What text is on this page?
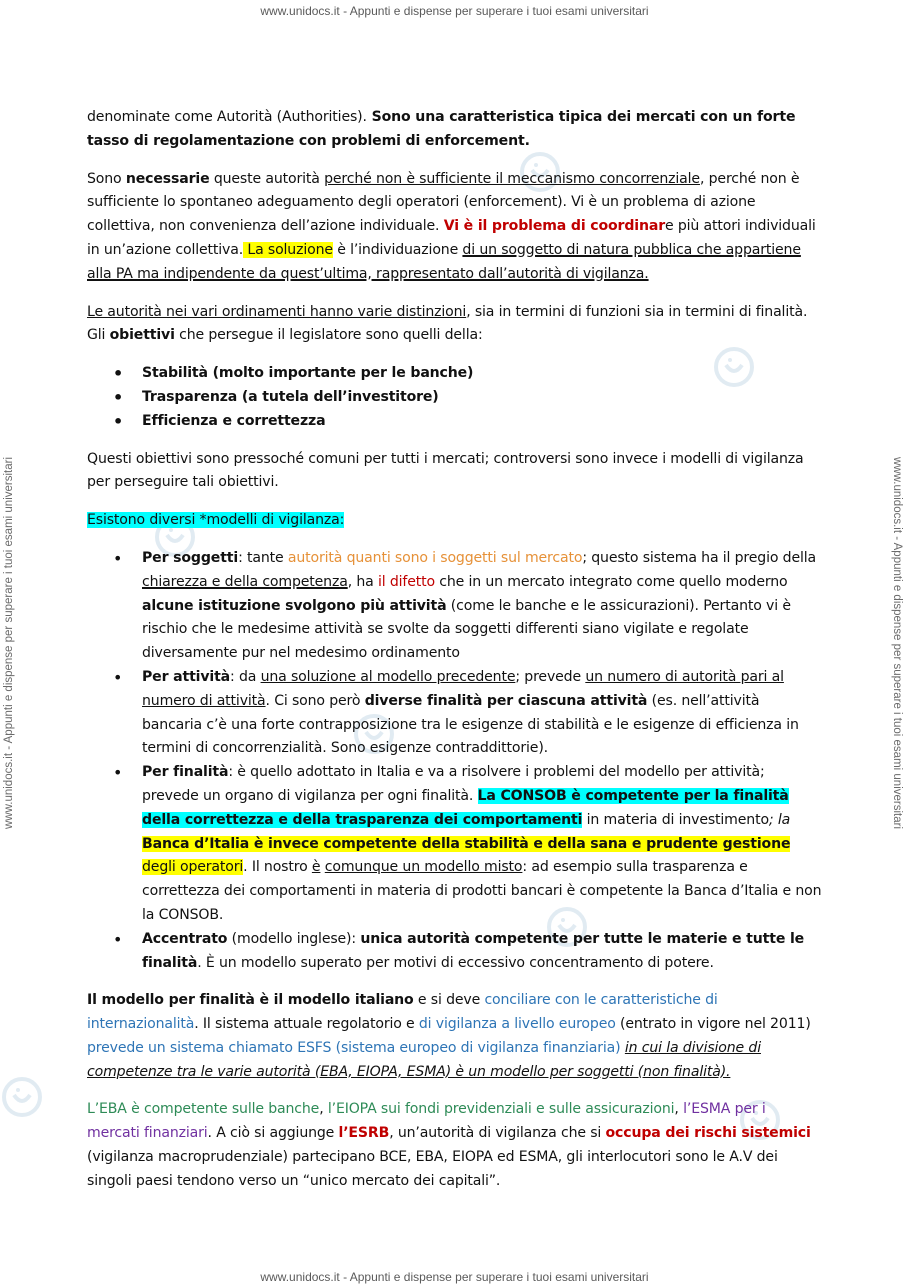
www.unidocs.it - Appunti e dispense per superare i tuoi esami universitari
www.unidocs.it - Appunti e dispense per superare i tuoi esami universitari
www.unidocs.it - Appunti e dispense per superare i tuoi esami universitari	www.unidocs.it - Appunti e dispense per superare i tuoi esami universitari

denominate come Autorità (Authorities). Sono una caratteristica tipica dei mercati con un forte tasso di regolamentazione con problemi di enforcement.

Sono necessarie queste autorità perché non è sufficiente il meccanismo concorrenziale, perché non è sufficiente lo spontaneo adeguamento degli operatori (enforcement). Vi è un problema di azione collettiva, non convenienza dell’azione individuale. Vi è il problema di coordinare più attori individuali in un’azione collettiva. La soluzione è l’individuazione di un soggetto di natura pubblica che appartiene alla PA ma indipendente da quest’ultima, rappresentato dall’autorità di vigilanza.

Le autorità nei vari ordinamenti hanno varie distinzioni, sia in termini di funzioni sia in termini di finalità. Gli obiettivi che persegue il legislatore sono quelli della:

• Stabilità (molto importante per le banche)
• Trasparenza (a tutela dell’investitore)
• Efficienza e correttezza

Questi obiettivi sono pressoché comuni per tutti i mercati; controversi sono invece i modelli di vigilanza per perseguire tali obiettivi.

Esistono diversi *modelli di vigilanza:

• Per soggetti: tante autorità quanti sono i soggetti sul mercato; questo sistema ha il pregio della chiarezza e della competenza, ha il difetto che in un mercato integrato come quello moderno alcune istituzione svolgono più attività (come le banche e le assicurazioni). Pertanto vi è rischio che le medesime attività se svolte da soggetti differenti siano vigilate e regolate diversamente pur nel medesimo ordinamento
• Per attività: da una soluzione al modello precedente; prevede un numero di autorità pari al numero di attività. Ci sono però diverse finalità per ciascuna attività (es. nell’attività bancaria c’è una forte contrapposizione tra le esigenze di stabilità e le esigenze di efficienza in termini di concorrenzialità. Sono esigenze contraddittorie).
• Per finalità: è quello adottato in Italia e va a risolvere i problemi del modello per attività; prevede un organo di vigilanza per ogni finalità. La CONSOB è competente per la finalità della correttezza e della trasparenza dei comportamenti in materia di investimento; la Banca d’Italia è invece competente della stabilità e della sana e prudente gestione degli operatori. Il nostro è comunque un modello misto: ad esempio sulla trasparenza e correttezza dei comportamenti in materia di prodotti bancari è competente la Banca d’Italia e non la CONSOB.
• Accentrato (modello inglese): unica autorità competente per tutte le materie e tutte le finalità. È un modello superato per motivi di eccessivo concentramento di potere.

Il modello per finalità è il modello italiano e si deve conciliare con le caratteristiche di internazionalità. Il sistema attuale regolatorio e di vigilanza a livello europeo (entrato in vigore nel 2011) prevede un sistema chiamato ESFS (sistema europeo di vigilanza finanziaria) in cui la divisione di competenze tra le varie autorità (EBA, EIOPA, ESMA) è un modello per soggetti (non finalità).

L’EBA è competente sulle banche, l’EIOPA sui fondi previdenziali e sulle assicurazioni, l’ESMA per i mercati finanziari. A ciò si aggiunge l’ESRB, un’autorità di vigilanza che si occupa dei rischi sistemici (vigilanza macroprudenziale) partecipano BCE, EBA, EIOPA ed ESMA, gli interlocutori sono le A.V dei singoli paesi tendono verso un “unico mercato dei capitali”.
